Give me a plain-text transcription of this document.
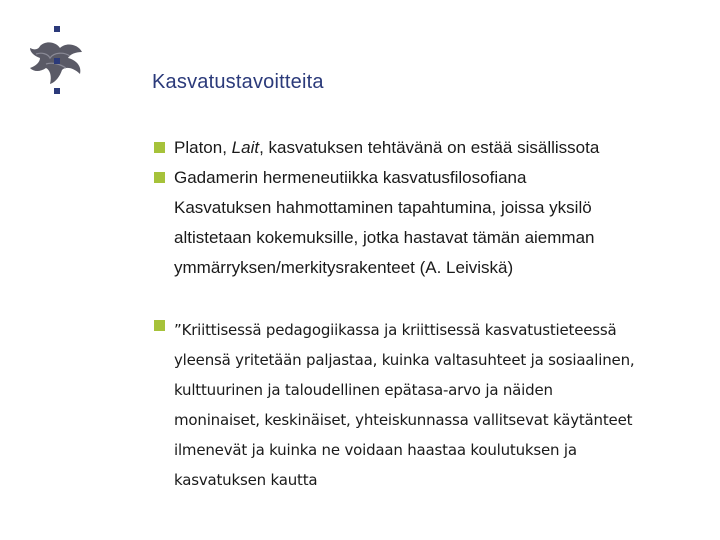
Kasvatustavoitteita
Platon, Lait, kasvatuksen tehtävänä on estää sisällissota
Gadamerin hermeneutiikka kasvatusfilosofiana
Kasvatuksen hahmottaminen tapahtumina, joissa yksilö
altistetaan kokemuksille, jotka hastavat tämän aiemman
ymmärryksen/merkitysrakenteet (A. Leiviskä)
”Kriittisessä pedagogiikassa ja kriittisessä kasvatustieteessä
yleensä yritetään paljastaa, kuinka valtasuhteet ja sosiaalinen,
kulttuurinen ja taloudellinen epätasa-arvo ja näiden
moninaiset, keskinäiset, yhteiskunnassa vallitsevat käytänteet
ilmenevät ja kuinka ne voidaan haastaa koulutuksen ja
kasvatuksen kautta
